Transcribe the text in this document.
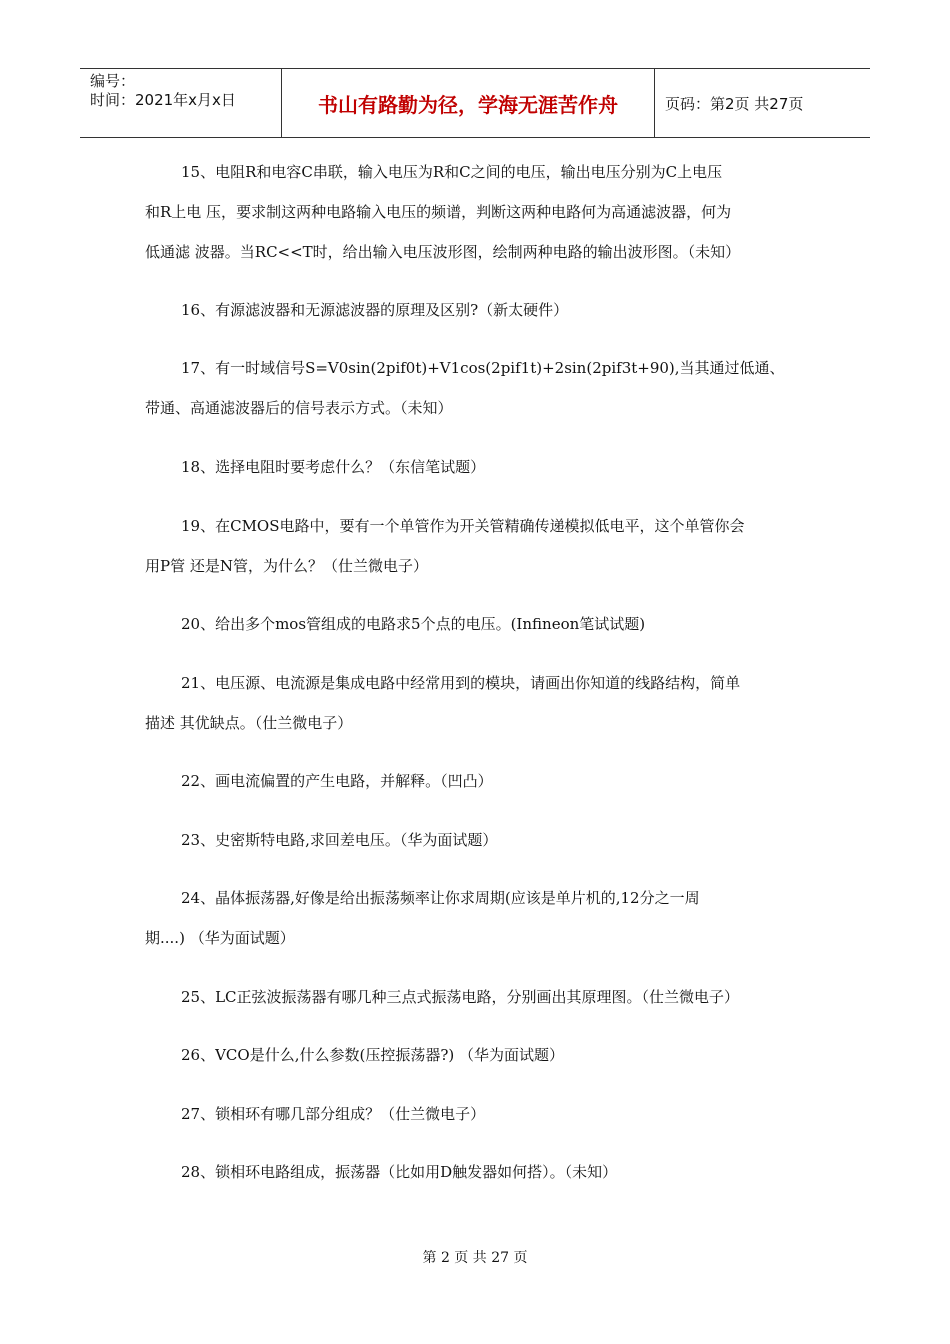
编号：
时间：2021年x月x日	书山有路勤为径，学海无涯苦作舟	页码：第2页 共27页
15、电阻R和电容C串联，输入电压为R和C之间的电压，输出电压分别为C上电压
和R上电 压，要求制这两种电路输入电压的频谱，判断这两种电路何为高通滤波器，何为
低通滤 波器。当RC<<T时，给出输入电压波形图，绘制两种电路的输出波形图。（未知）
16、有源滤波器和无源滤波器的原理及区别?（新太硬件）
17、有一时域信号S=V0sin(2pif0t)+V1cos(2pif1t)+2sin(2pif3t+90),当其通过低通、
带通、高通滤波器后的信号表示方式。（未知）
18、选择电阻时要考虑什么？（东信笔试题）
19、在CMOS电路中，要有一个单管作为开关管精确传递模拟低电平，这个单管你会
用P管 还是N管，为什么？（仕兰微电子）
20、给出多个mos管组成的电路求5个点的电压。(Infineon笔试试题)
21、电压源、电流源是集成电路中经常用到的模块，请画出你知道的线路结构，简单
描述 其优缺点。（仕兰微电子）
22、画电流偏置的产生电路，并解释。（凹凸）
23、史密斯特电路,求回差电压。（华为面试题）
24、晶体振荡器,好像是给出振荡频率让你求周期(应该是单片机的,12分之一周
期....) （华为面试题）
25、LC正弦波振荡器有哪几种三点式振荡电路，分别画出其原理图。（仕兰微电子）
26、VCO是什么,什么参数(压控振荡器?) （华为面试题）
27、锁相环有哪几部分组成？（仕兰微电子）
28、锁相环电路组成，振荡器（比如用D触发器如何搭）。（未知）
第 2 页 共 27 页
